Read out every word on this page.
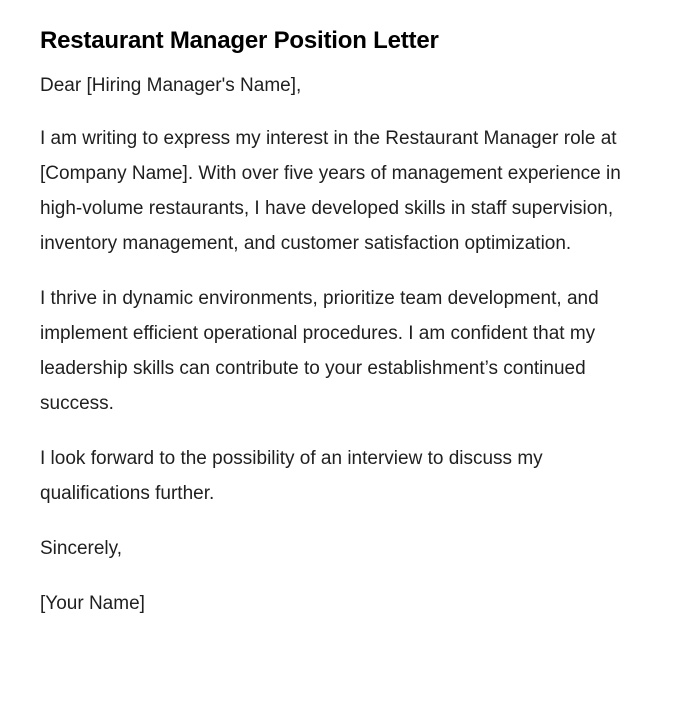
Restaurant Manager Position Letter

Dear [Hiring Manager's Name],

I am writing to express my interest in the Restaurant Manager role at [Company Name]. With over five years of management experience in high-volume restaurants, I have developed skills in staff supervision, inventory management, and customer satisfaction optimization.

I thrive in dynamic environments, prioritize team development, and implement efficient operational procedures. I am confident that my leadership skills can contribute to your establishment’s continued success.

I look forward to the possibility of an interview to discuss my qualifications further.

Sincerely,

[Your Name]
